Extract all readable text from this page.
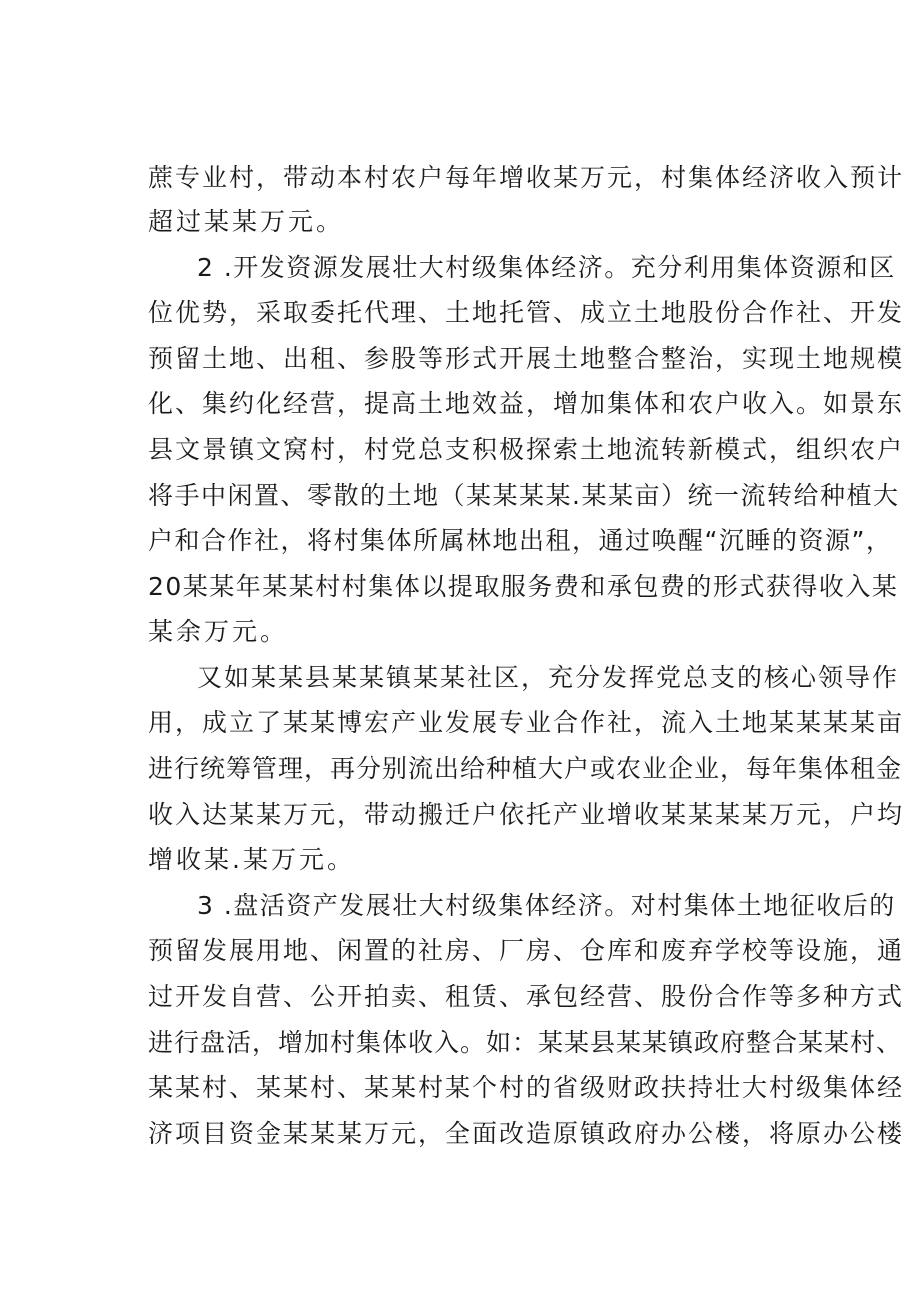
蔗专业村，带动本村农户每年增收某万元，村集体经济收入预计
超过某某万元。
2 .开发资源发展壮大村级集体经济。充分利用集体资源和区
位优势，采取委托代理、土地托管、成立土地股份合作社、开发
预留土地、出租、参股等形式开展土地整合整治，实现土地规模
化、集约化经营，提高土地效益，增加集体和农户收入。如景东
县文景镇文窝村，村党总支积极探索土地流转新模式，组织农户
将手中闲置、零散的土地（某某某某.某某亩）统一流转给种植大
户和合作社，将村集体所属林地出租，通过唤醒“沉睡的资源”，
20某某年某某村村集体以提取服务费和承包费的形式获得收入某
某余万元。
又如某某县某某镇某某社区，充分发挥党总支的核心领导作
用，成立了某某博宏产业发展专业合作社，流入土地某某某某亩
进行统筹管理，再分别流出给种植大户或农业企业，每年集体租金
收入达某某万元，带动搬迁户依托产业增收某某某某万元，户均
增收某.某万元。
3 .盘活资产发展壮大村级集体经济。对村集体土地征收后的
预留发展用地、闲置的社房、厂房、仓库和废弃学校等设施，通
过开发自营、公开拍卖、租赁、承包经营、股份合作等多种方式
进行盘活，增加村集体收入。如：某某县某某镇政府整合某某村、
某某村、某某村、某某村某个村的省级财政扶持壮大村级集体经
济项目资金某某某万元，全面改造原镇政府办公楼，将原办公楼
